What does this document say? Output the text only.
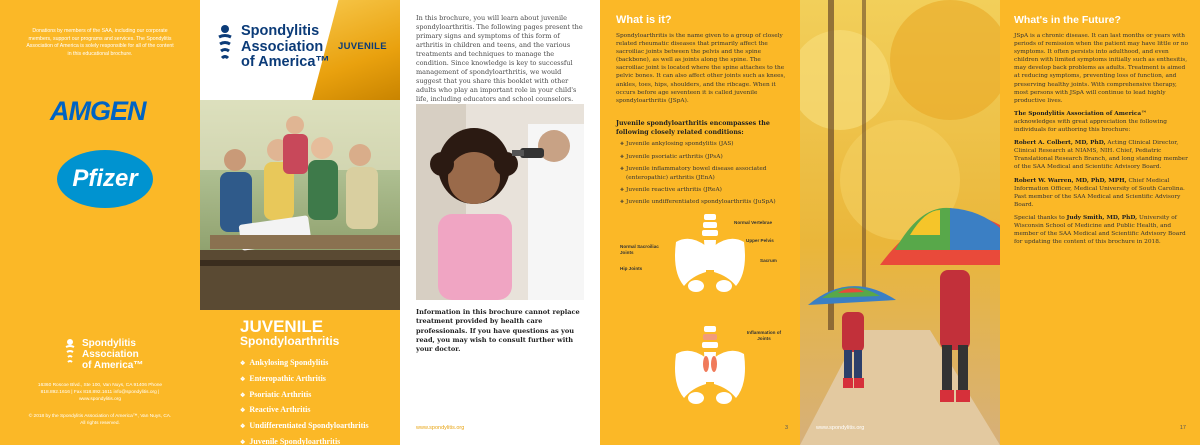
Donations by members of the SAA, including our corporate members, support our programs and services. The Spondylitis Association of America is solely responsible for all of the content in this educational brochure.
AMGEN
Pfizer
Spondylitis
Association
of America™
16360 Roscoe Blvd., Ste 100, Van Nuys, CA 91406 Phone 818.892.1616 | Fax 818.892.1611 info@spondylitis.org | www.spondylitis.org
© 2018 by the Spondylitis Association of America™, Van Nuys, CA. All rights reserved.
Spondylitis
Association
of America™
JUVENILE
JUVENILE
Spondyloarthritis
❖ Ankylosing Spondylitis
❖ Enteropathic Arthritis
❖ Psoriatic Arthritis
❖ Reactive Arthritis
❖ Undifferentiated Spondyloarthritis
❖ Juvenile Spondyloarthritis
In this brochure, you will learn about juvenile spondyloarthritis. The following pages present the primary signs and symptoms of this form of arthritis in children and teens, and the various treatments and techniques to manage the condition. Since knowledge is key to successful management of spondyloarthritis, we would suggest that you share this booklet with other adults who play an important role in your child's life, including educators and school counselors.
Information in this brochure cannot replace treatment provided by health care professionals. If you have questions as you read, you may wish to consult further with your doctor.
www.spondylitis.org
What is it?
Spondyloarthritis is the name given to a group of closely related rheumatic diseases that primarily affect the sacroiliac joints between the pelvis and the spine (backbone), as well as joints along the spine. The sacroiliac joint is located where the spine attaches to the pelvic bones. It can also affect other joints such as knees, ankles, toes, hips, shoulders, and the ribcage. When it occurs before age seventeen it is called juvenile spondyloarthritis (JSpA).
Juvenile spondyloarthritis encompasses the following closely related conditions:
❖ Juvenile ankylosing spondylitis (JAS)
❖ Juvenile psoriatic arthritis (JPsA)
❖ Juvenile inflammatory bowel disease associated (enteropathic) arthritis (JEnA)
❖ Juvenile reactive arthritis (JReA)
❖ Juvenile undifferentiated spondyloarthritis (JuSpA)
Normal Vertebrae
Upper Pelvis
Normal Sacroiliac Joints
Sacrum
Hip Joints
Inflammation of Joints
3	www.spondylitis.org
What's in the Future?

JSpA is a chronic disease. It can last months or years with periods of remission when the patient may have little or no symptoms. It often persists into adulthood, and even children with limited symptoms initially such as enthesitis, may develop back problems as adults. Treatment is aimed at reducing symptoms, preventing loss of function, and preserving healthy joints. With comprehensive therapy, most persons with JSpA will continue to lead highly productive lives.

The Spondylitis Association of America™ acknowledges with great appreciation the following individuals for authoring this brochure:

Robert A. Colbert, MD, PhD, Acting Clinical Director, Clinical Research at NIAMS, NIH. Chief, Pediatric Translational Research Branch, and long standing member of the SAA Medical and Scientific Advisory Board.

Robert W. Warren, MD, PhD, MPH, Chief Medical Information Officer, Medical University of South Carolina. Past member of the SAA Medical and Scientific Advisory Board.

Special thanks to Judy Smith, MD, PhD, University of Wisconsin School of Medicine and Public Health, and member of the SAA Medical and Scientific Advisory Board for updating the content of this brochure in 2018.

17
